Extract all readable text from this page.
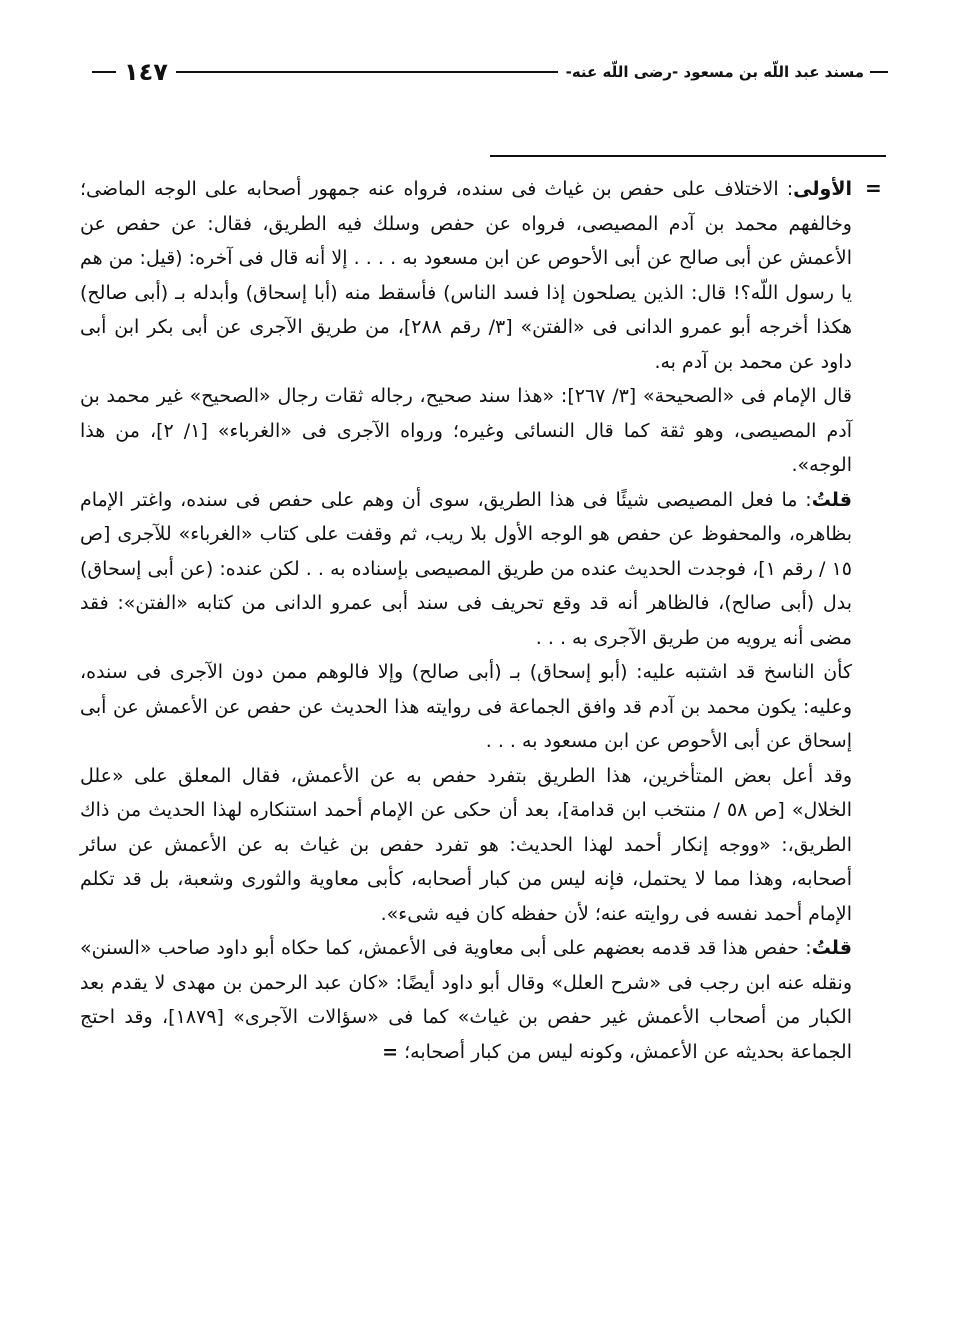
مسند عبد اللّه بن مسعود -رضى اللّه عنه-
١٤٧
=

الأولى: الاختلاف على حفص بن غياث فى سنده، فرواه عنه جمهور أصحابه على الوجه الماضى؛ وخالفهم محمد بن آدم المصيصى، فرواه عن حفص وسلك فيه الطريق، فقال: عن حفص عن الأعمش عن أبى صالح عن أبى الأحوص عن ابن مسعود به . . . . إلا أنه قال فى آخره: (قيل: من هم يا رسول اللّه؟! قال: الذين يصلحون إذا فسد الناس) فأسقط منه (أبا إسحاق) وأبدله بـ (أبى صالح) هكذا أخرجه أبو عمرو الدانى فى «الفتن» [٣/ رقم ٢٨٨]، من طريق الآجرى عن أبى بكر ابن أبى داود عن محمد بن آدم به.

قال الإمام فى «الصحيحة» [٣/ ٢٦٧]: «هذا سند صحيح، رجاله ثقات رجال «الصحيح» غير محمد بن آدم المصيصى، وهو ثقة كما قال النسائى وغيره؛ ورواه الآجرى فى «الغرباء» [١/ ٢]، من هذا الوجه».

قلتُ: ما فعل المصيصى شيئًا فى هذا الطريق، سوى أن وهم على حفص فى سنده، واغتر الإمام بظاهره، والمحفوظ عن حفص هو الوجه الأول بلا ريب، ثم وقفت على كتاب «الغرباء» للآجرى [ص ١٥ / رقم ١]، فوجدت الحديث عنده من طريق المصيصى بإسناده به . . لكن عنده: (عن أبى إسحاق) بدل (أبى صالح)، فالظاهر أنه قد وقع تحريف فى سند أبى عمرو الدانى من كتابه «الفتن»: فقد مضى أنه يرويه من طريق الآجرى به . . .

كأن الناسخ قد اشتبه عليه: (أبو إسحاق) بـ (أبى صالح) وإلا فالوهم ممن دون الآجرى فى سنده، وعليه: يكون محمد بن آدم قد وافق الجماعة فى روايته هذا الحديث عن حفص عن الأعمش عن أبى إسحاق عن أبى الأحوص عن ابن مسعود به . . .

وقد أعل بعض المتأخرين، هذا الطريق بتفرد حفص به عن الأعمش، فقال المعلق على «علل الخلال» [ص ٥٨ / منتخب ابن قدامة]، بعد أن حكى عن الإمام أحمد استنكاره لهذا الحديث من ذاك الطريق،: «ووجه إنكار أحمد لهذا الحديث: هو تفرد حفص بن غياث به عن الأعمش عن سائر أصحابه، وهذا مما لا يحتمل، فإنه ليس من كبار أصحابه، كأبى معاوية والثورى وشعبة، بل قد تكلم الإمام أحمد نفسه فى روايته عنه؛ لأن حفظه كان فيه شىء».

قلتُ: حفص هذا قد قدمه بعضهم على أبى معاوية فى الأعمش، كما حكاه أبو داود صاحب «السنن» ونقله عنه ابن رجب فى «شرح العلل» وقال أبو داود أيضًا: «كان عبد الرحمن بن مهدى لا يقدم بعد الكبار من أصحاب الأعمش غير حفص بن غياث» كما فى «سؤالات الآجرى» [١٨٧٩]، وقد احتج الجماعة بحديثه عن الأعمش، وكونه ليس من كبار أصحابه؛ =
